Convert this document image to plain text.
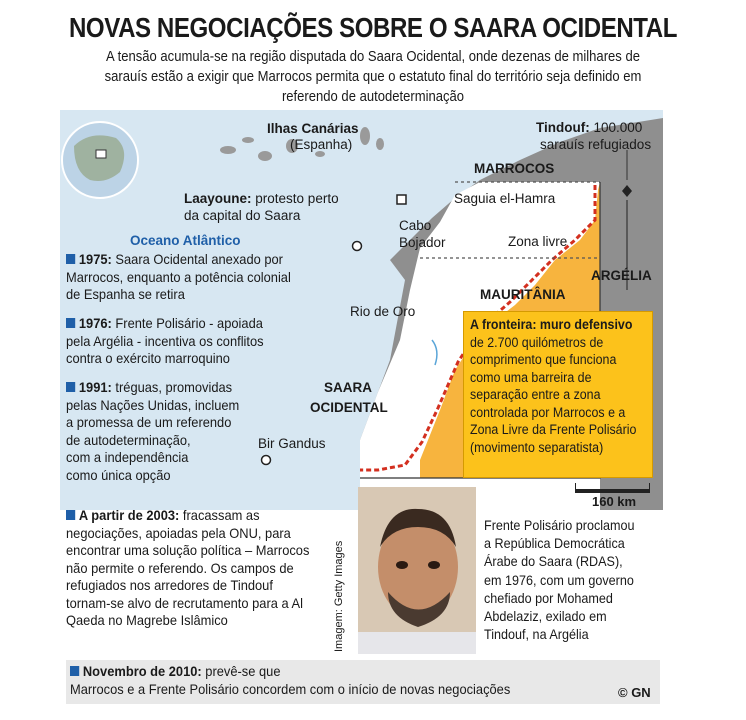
NOVAS NEGOCIAÇÕES SOBRE O SAARA OCIDENTAL
A tensão acumula-se na região disputada do Saara Ocidental, onde dezenas de milhares de sarauís estão a exigir que Marrocos permita que o estatuto final do território seja definido em referendo de autodeterminação
Ilhas Canárias
(Espanha)
Tindouf: 100.000
sarauís refugiados
MARROCOS
Laayoune: protesto perto
da capital do Saara
Saguia el-Hamra
Cabo
Bojador
Oceano Atlântico	Zona livre
ARGÉLIA
MAURITÂNIA
Rio de Oro
SAARA
OCIDENTAL
Bir Gandus
1975: Saara Ocidental anexado por
Marrocos, enquanto a potência colonial
de Espanha se retira
1976: Frente Polisário - apoiada
pela Argélia - incentiva os conflitos
contra o exército marroquino
1991: tréguas, promovidas
pelas Nações Unidas, incluem
a promessa de um referendo
de autodeterminação,
com a independência
como única opção
A partir de 2003: fracassam as
negociações, apoiadas pela ONU, para
encontrar uma solução política – Marrocos
não permite o referendo. Os campos de
refugiados nos arredores de Tindouf
tornam-se alvo de recrutamento para a Al
Qaeda no Magrebe Islâmico
A fronteira: muro defensivo
de 2.700 quilómetros de
comprimento que funciona
como uma barreira de
separação entre a zona
controlada por Marrocos e a
Zona Livre da Frente Polisário
(movimento separatista)
160 km
Imagem: Getty Images
Frente Polisário proclamou
a República Democrática
Árabe do Saara (RDAS),
em 1976, com um governo
chefiado por Mohamed
Abdelaziz, exilado em
Tindouf, na Argélia
Novembro de 2010: prevê-se que
Marrocos e a Frente Polisário concordem com o início de novas negociações	© GN
